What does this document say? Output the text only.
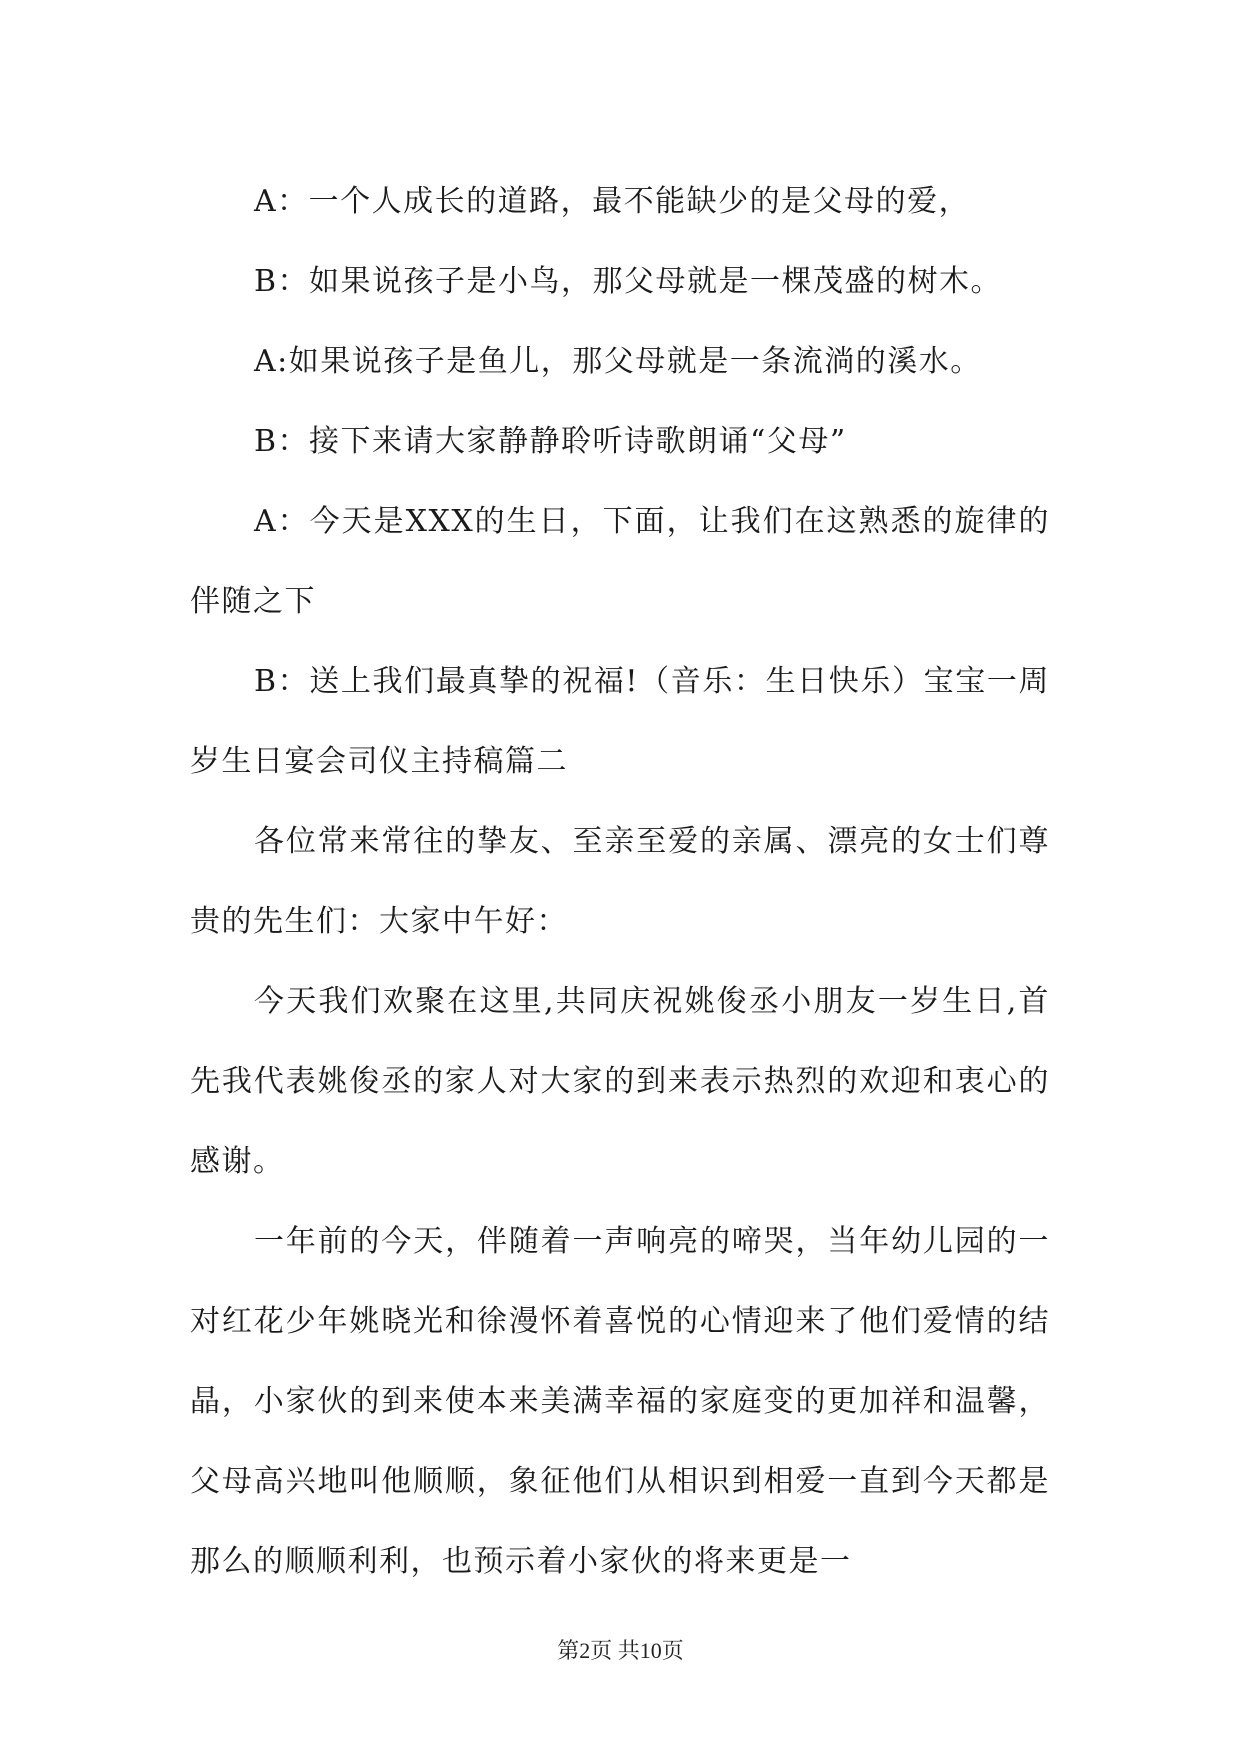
A：一个人成长的道路，最不能缺少的是父母的爱，

B：如果说孩子是小鸟，那父母就是一棵茂盛的树木。

A:如果说孩子是鱼儿，那父母就是一条流淌的溪水。

B：接下来请大家静静聆听诗歌朗诵“父母”

A：今天是XXX的生日，下面，让我们在这熟悉的旋律的伴随之下

B：送上我们最真挚的祝福!（音乐：生日快乐）宝宝一周岁生日宴会司仪主持稿篇二

各位常来常往的挚友、至亲至爱的亲属、漂亮的女士们尊贵的先生们：大家中午好：

今天我们欢聚在这里,共同庆祝姚俊丞小朋友一岁生日,首先我代表姚俊丞的家人对大家的到来表示热烈的欢迎和衷心的感谢。

一年前的今天，伴随着一声响亮的啼哭，当年幼儿园的一对红花少年姚晓光和徐漫怀着喜悦的心情迎来了他们爱情的结晶，小家伙的到来使本来美满幸福的家庭变的更加祥和温馨，父母高兴地叫他顺顺，象征他们从相识到相爱一直到今天都是那么的顺顺利利，也预示着小家伙的将来更是一

第2页 共10页
